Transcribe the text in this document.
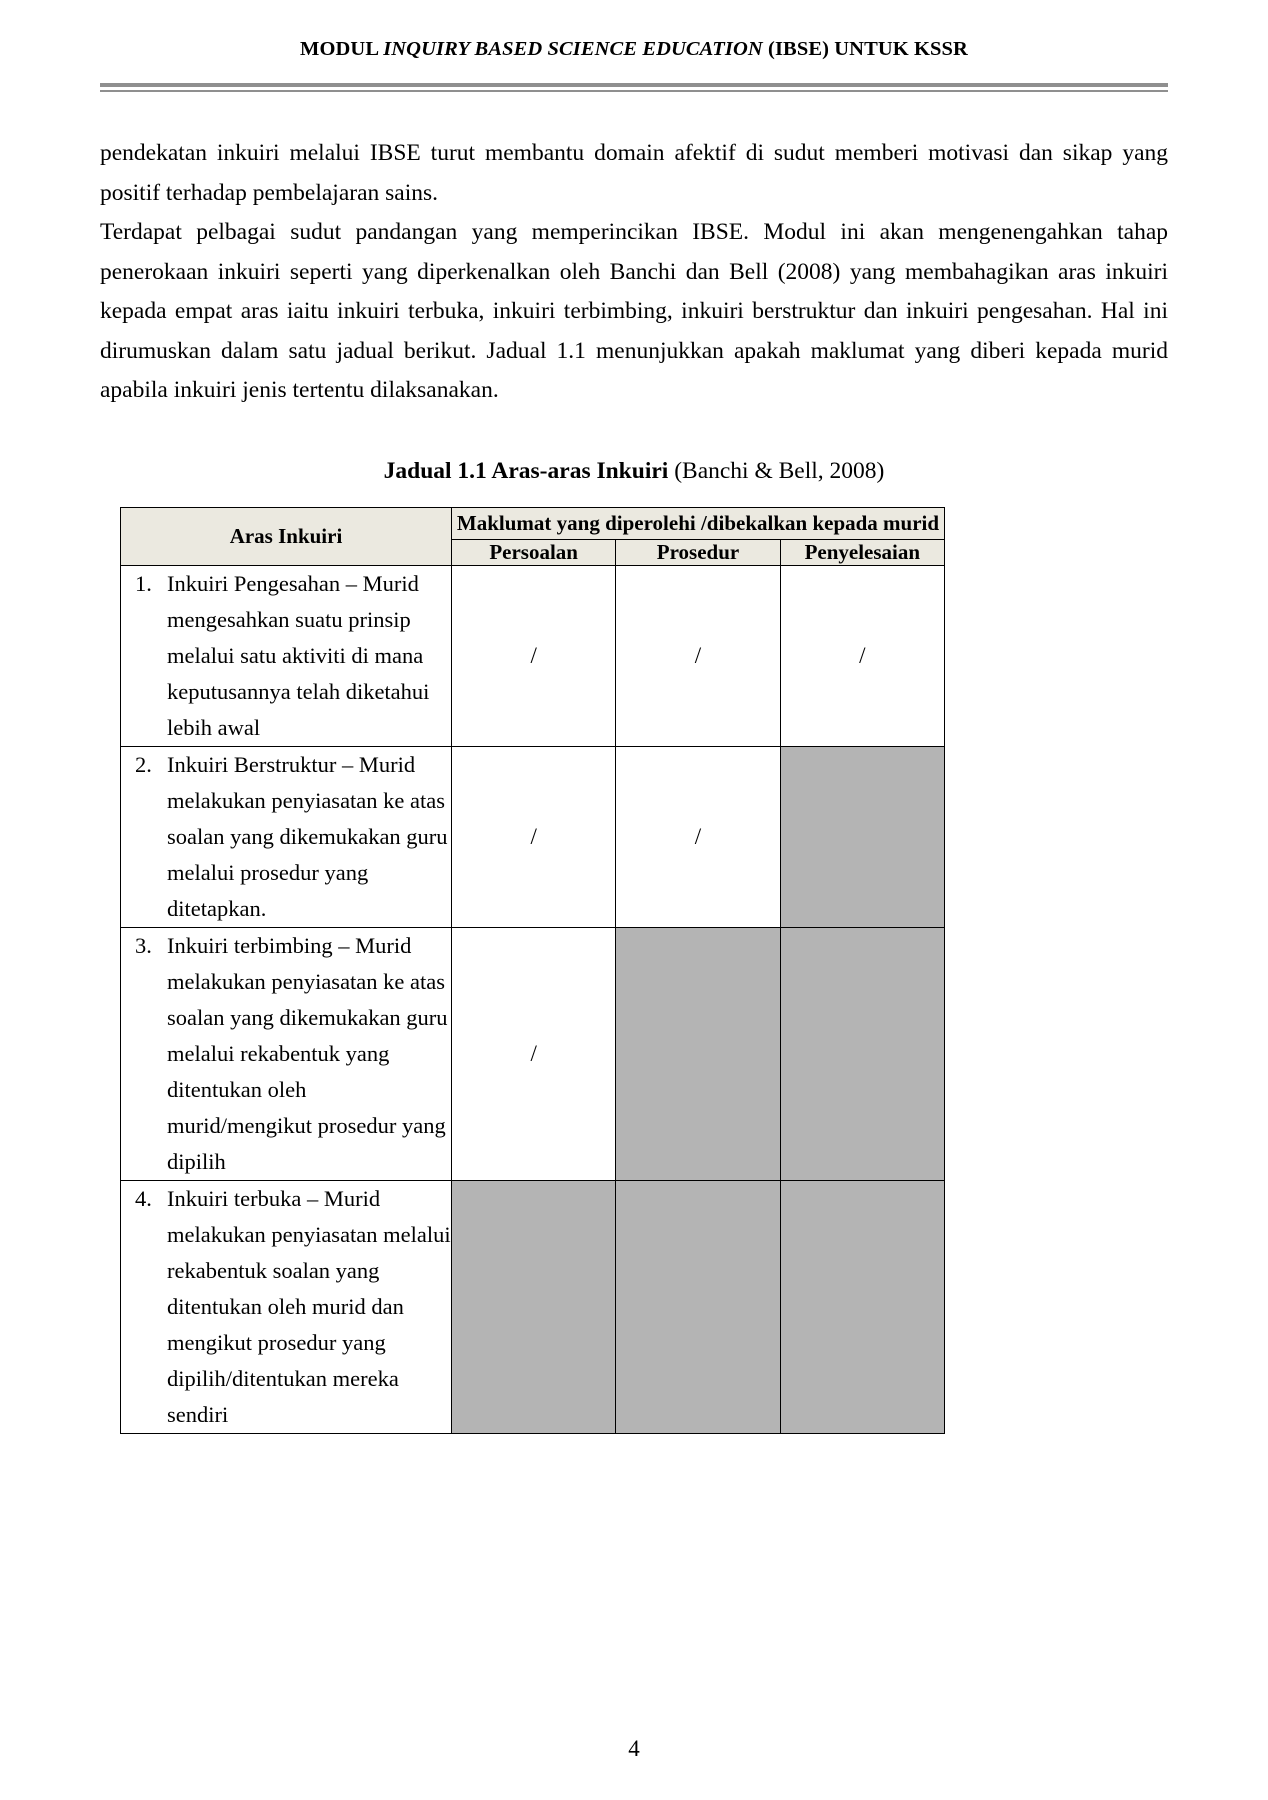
MODUL INQUIRY BASED SCIENCE EDUCATION (IBSE) UNTUK KSSR

pendekatan inkuiri melalui IBSE turut membantu domain afektif di sudut memberi motivasi dan sikap yang positif terhadap pembelajaran sains.

Terdapat pelbagai sudut pandangan yang memperincikan IBSE. Modul ini akan mengenengahkan tahap penerokaan inkuiri seperti yang diperkenalkan oleh Banchi dan Bell (2008) yang membahagikan aras inkuiri kepada empat aras iaitu inkuiri terbuka, inkuiri terbimbing, inkuiri berstruktur dan inkuiri pengesahan. Hal ini dirumuskan dalam satu jadual berikut. Jadual 1.1 menunjukkan apakah maklumat yang diberi kepada murid apabila inkuiri jenis tertentu dilaksanakan.

Jadual 1.1 Aras-aras Inkuiri (Banchi & Bell, 2008)
Aras Inkuiri	Maklumat yang diperolehi /dibekalkan kepada murid		
	Persoalan	Prosedur	Penyelesaian

1. Inkuiri Pengesahan – Murid mengesahkan suatu prinsip melalui satu aktiviti di mana keputusannya telah diketahui lebih awal	/	/	/

2. Inkuiri Berstruktur – Murid melakukan penyiasatan ke atas soalan yang dikemukakan guru melalui prosedur yang ditetapkan.	/	/	

3. Inkuiri terbimbing – Murid melakukan penyiasatan ke atas soalan yang dikemukakan guru melalui rekabentuk yang ditentukan oleh murid/mengikut prosedur yang dipilih	/		

4. Inkuiri terbuka – Murid melakukan penyiasatan melalui rekabentuk soalan yang ditentukan oleh murid dan mengikut prosedur yang dipilih/ditentukan mereka sendiri			

4
